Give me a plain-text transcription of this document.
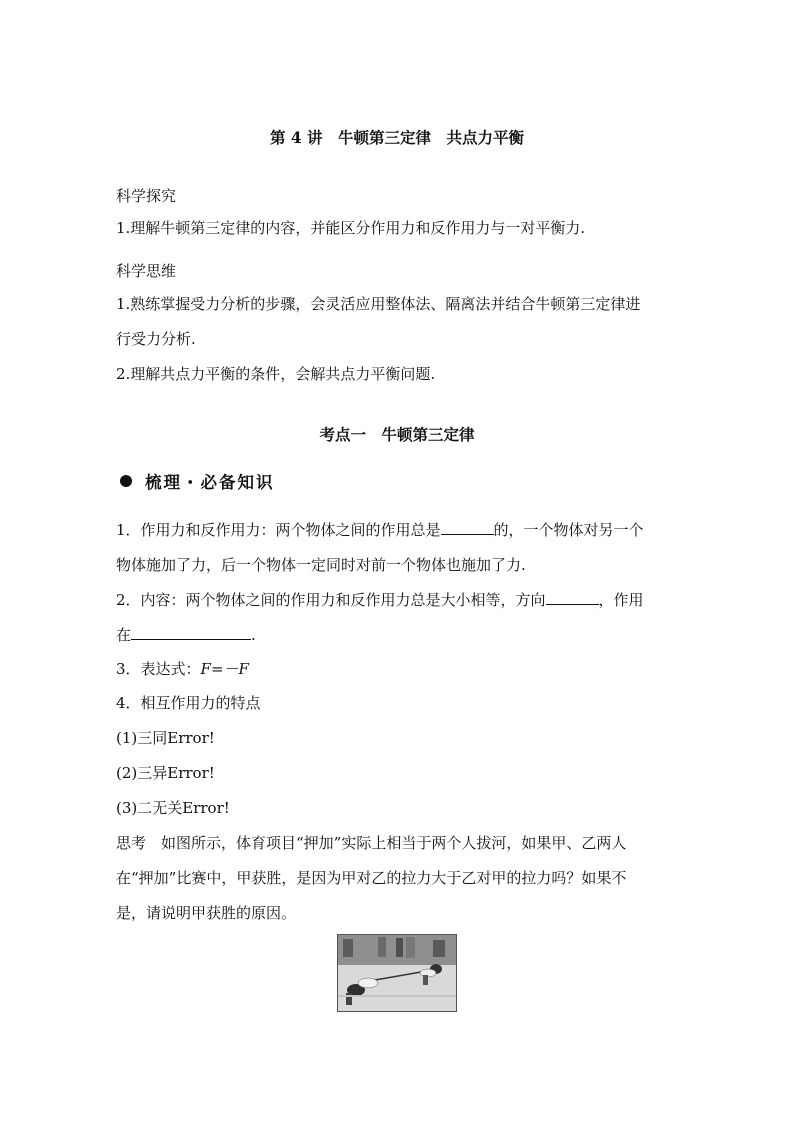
第 4 讲　牛顿第三定律　共点力平衡
科学探究
1.理解牛顿第三定律的内容，并能区分作用力和反作用力与一对平衡力.
科学思维
1.熟练掌握受力分析的步骤，会灵活应用整体法、隔离法并结合牛顿第三定律进
行受力分析.
2.理解共点力平衡的条件，会解共点力平衡问题.
考点一　牛顿第三定律
梳理・必备知识
1．作用力和反作用力：两个物体之间的作用总是	的，一个物体对另一个
物体施加了力，后一个物体一定同时对前一个物体也施加了力.
2．内容：两个物体之间的作用力和反作用力总是大小相等，方向	，作用
在	.
3．表达式：F=－F
4．相互作用力的特点
(1)三同Error!
(2)三异Error!
(3)二无关Error!
思考　如图所示，体育项目“押加”实际上相当于两个人拔河，如果甲、乙两人
在“押加”比赛中，甲获胜，是因为甲对乙的拉力大于乙对甲的拉力吗？如果不
是，请说明甲获胜的原因。
